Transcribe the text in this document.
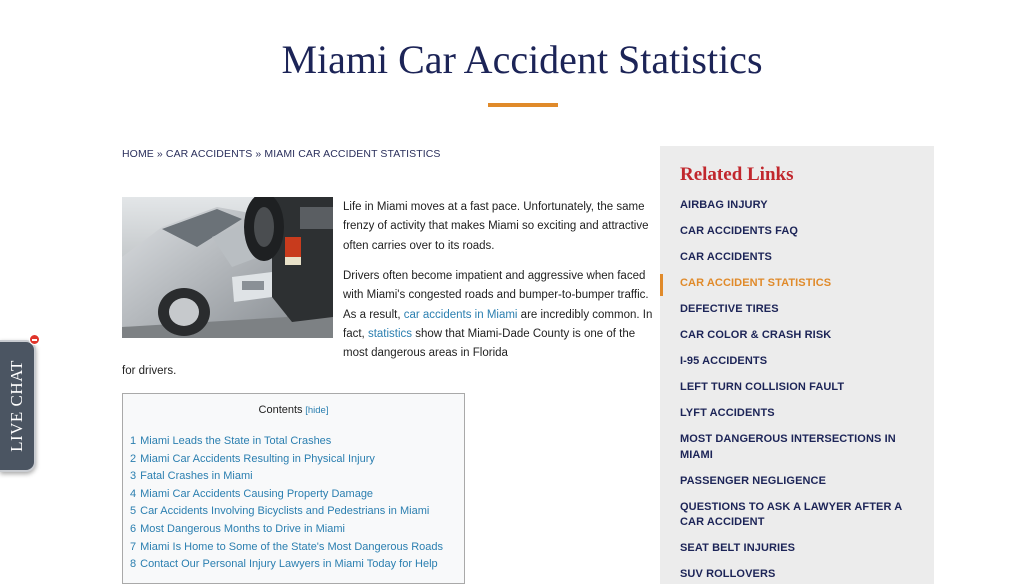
Miami Car Accident Statistics
HOME » CAR ACCIDENTS » MIAMI CAR ACCIDENT STATISTICS

Life in Miami moves at a fast pace. Unfortunately, the same frenzy of activity that makes Miami so exciting and attractive often carries over to its roads.

Drivers often become impatient and aggressive when faced with Miami's congested roads and bumper-to-bumper traffic. As a result, car accidents in Miami are incredibly common. In fact, statistics show that Miami-Dade County is one of the most dangerous areas in Florida

for drivers.

Contents [hide]
1 Miami Leads the State in Total Crashes
2 Miami Car Accidents Resulting in Physical Injury
3 Fatal Crashes in Miami
4 Miami Car Accidents Causing Property Damage
5 Car Accidents Involving Bicyclists and Pedestrians in Miami
6 Most Dangerous Months to Drive in Miami
7 Miami Is Home to Some of the State's Most Dangerous Roads
8 Contact Our Personal Injury Lawyers in Miami Today for Help
Related Links
AIRBAG INJURY
CAR ACCIDENTS FAQ
CAR ACCIDENTS
CAR ACCIDENT STATISTICS
DEFECTIVE TIRES
CAR COLOR & CRASH RISK
I-95 ACCIDENTS
LEFT TURN COLLISION FAULT
LYFT ACCIDENTS
MOST DANGEROUS INTERSECTIONS IN MIAMI
PASSENGER NEGLIGENCE
QUESTIONS TO ASK A LAWYER AFTER A CAR ACCIDENT
SEAT BELT INJURIES
SUV ROLLOVERS
LIVE CHAT
